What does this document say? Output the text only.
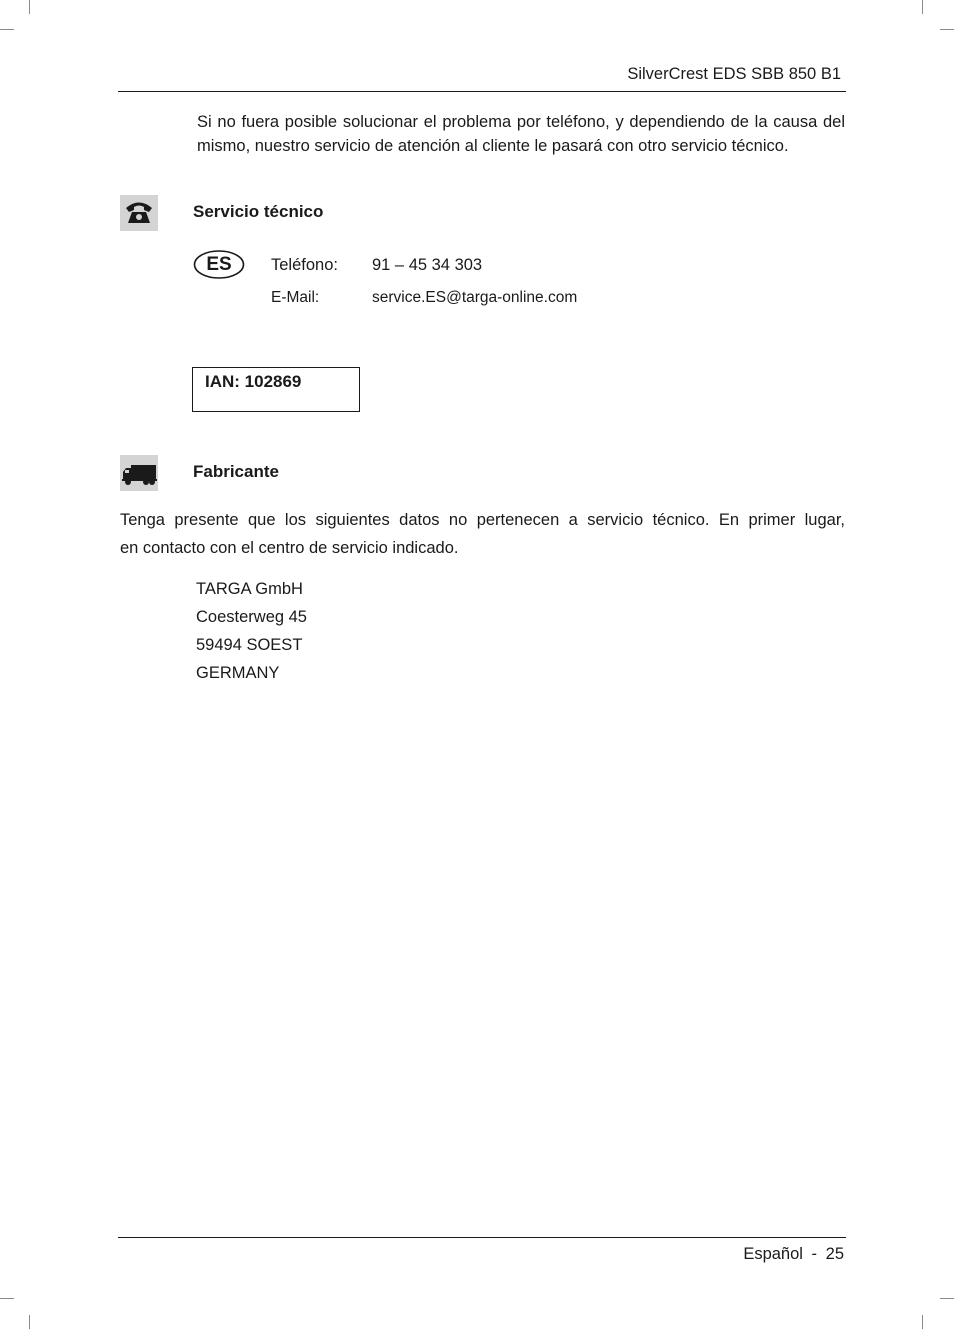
SilverCrest EDS SBB 850 B1
Si no fuera posible solucionar el problema por teléfono, y dependiendo de la causa del
mismo, nuestro servicio de atención al cliente le pasará con otro servicio técnico.
Servicio técnico
ES	Teléfono: 91 – 45 34 303
E-Mail:	service.ES@targa-online.com
IAN: 102869
Fabricante
Tenga presente que los siguientes datos no pertenecen a servicio técnico. En primer lugar,
en contacto con el centro de servicio indicado.
TARGA GmbH
Coesterweg 45
59494 SOEST
GERMANY
Español - 25
